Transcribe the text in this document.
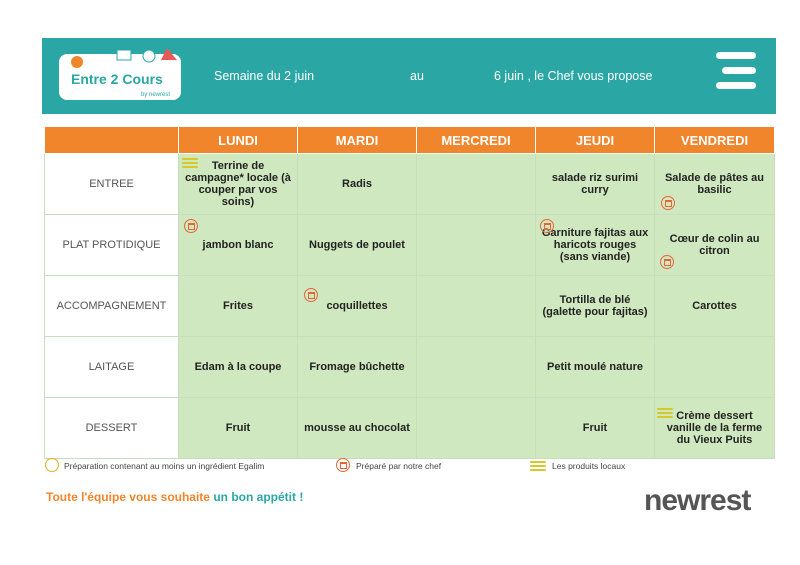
Entre 2 Cours
by newrest
Semaine du 2 juin	au	6 juin , le Chef vous propose
	LUNDI	MARDI	MERCREDI	JEUDI	VENDREDI
ENTREE	Terrine de campagne* locale (à couper par vos soins)	Radis		salade riz surimi curry	Salade de pâtes au basilic

PLAT PROTIDIQUE	jambon blanc	Nuggets de poulet		Garniture fajitas aux haricots rouges (sans viande)	Cœur de colin au citron
ACCOMPAGNEMENT	Frites	coquillettes		Tortilla de blé (galette pour fajitas)	Carottes
LAITAGE	Edam à la coupe	Fromage bûchette		Petit moulé nature	
DESSERT	Fruit	mousse au chocolat		Fruit	Crème dessert vanille de la ferme du Vieux Puits
Préparation contenant au moins un ingrédient Egalim	Préparé par notre chef	Les produits locaux
Toute l'équipe vous souhaite un bon appétit !	newrest
